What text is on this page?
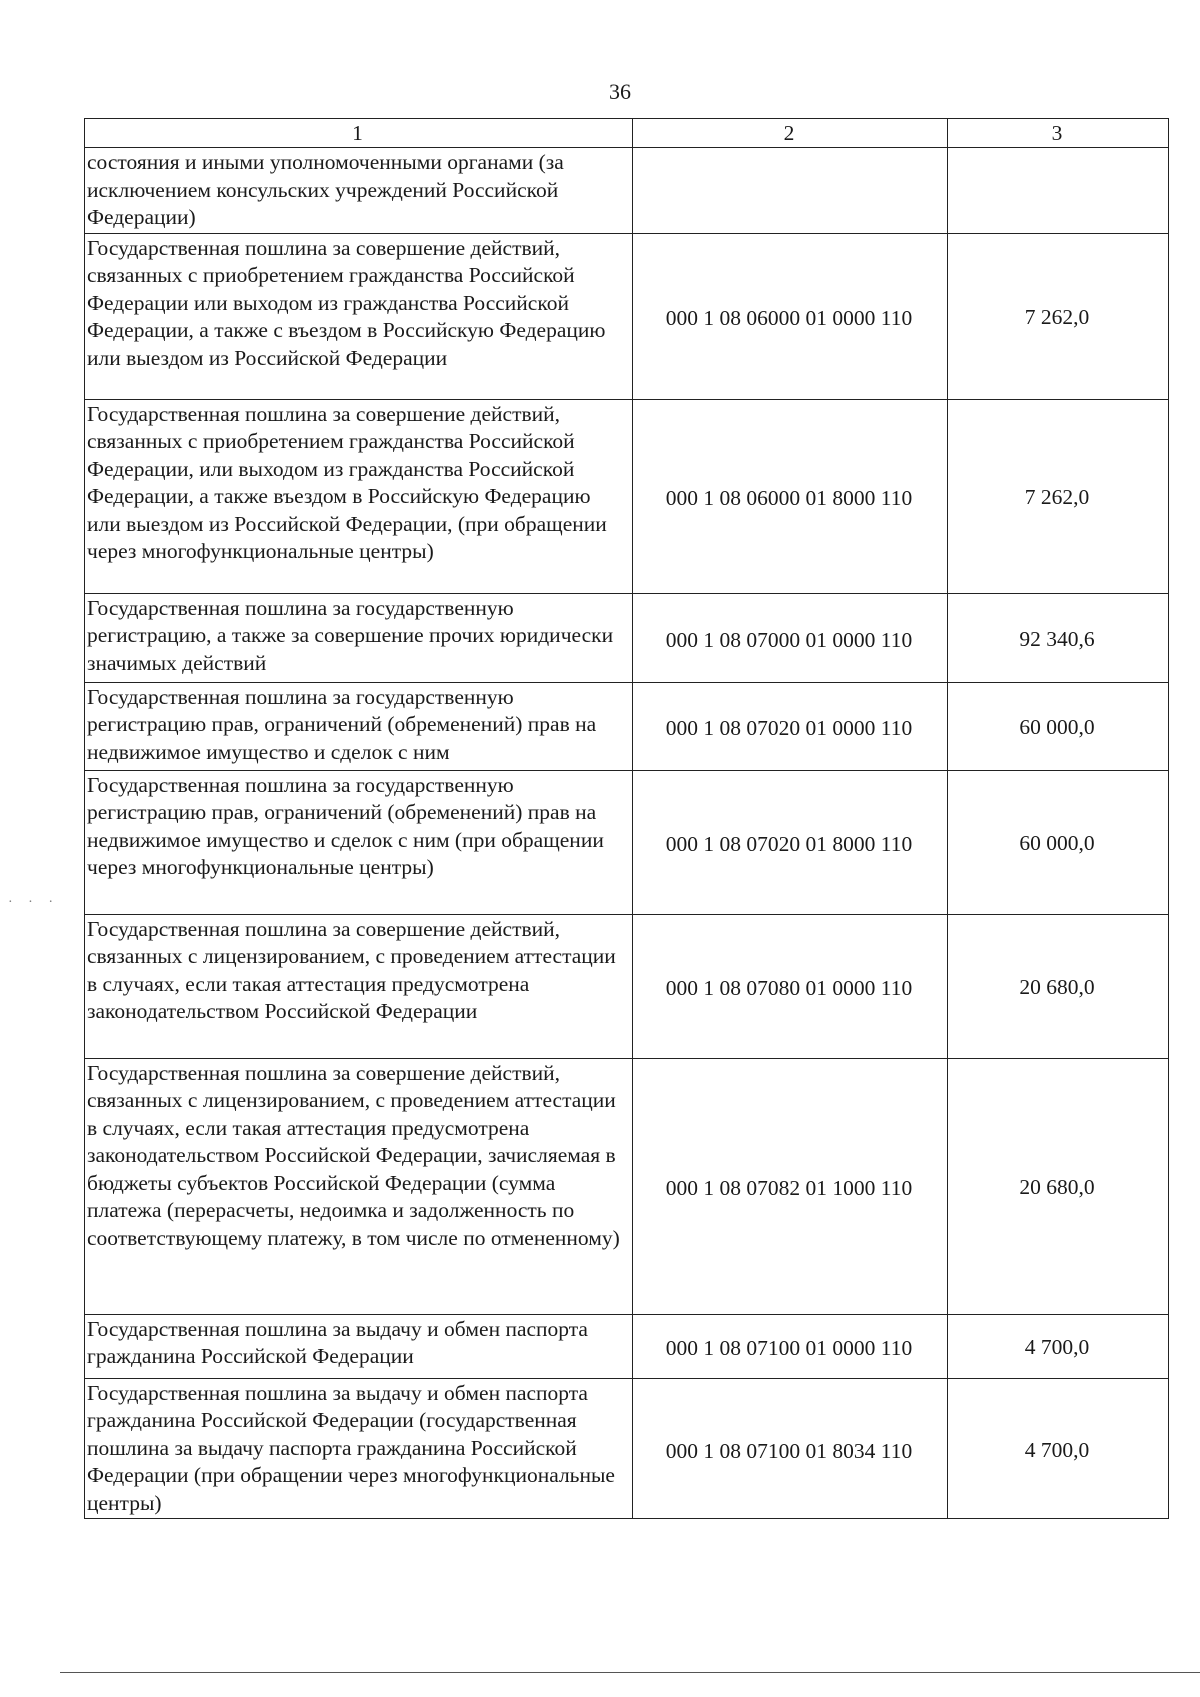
36
1	2	3
состояния и иными уполномоченными органами (за исключением консульских учреждений Российской Федерации)		
Государственная пошлина за совершение действий, связанных с приобретением гражданства Российской Федерации или выходом из гражданства Российской Федерации, а также с въездом в Российскую Федерацию или выездом из Российской Федерации	000 1 08 06000 01 0000 110	7 262,0
Государственная пошлина за совершение действий, связанных с приобретением гражданства Российской Федерации, или выходом из гражданства Российской Федерации, а также въездом в Российскую Федерацию или выездом из Российской Федерации, (при обращении через многофункциональные центры)	000 1 08 06000 01 8000 110	7 262,0
Государственная пошлина за государственную регистрацию, а также за совершение прочих юридически значимых действий	000 1 08 07000 01 0000 110	92 340,6
Государственная пошлина за государственную регистрацию прав, ограничений (обременений) прав на недвижимое имущество и сделок с ним	000 1 08 07020 01 0000 110	60 000,0
Государственная пошлина за государственную регистрацию прав, ограничений (обременений) прав на недвижимое имущество и сделок с ним (при обращении через многофункциональные центры)	000 1 08 07020 01 8000 110	60 000,0
Государственная пошлина за совершение действий, связанных с лицензированием, с проведением аттестации в случаях, если такая аттестация предусмотрена законодательством Российской Федерации	000 1 08 07080 01 0000 110	20 680,0
Государственная пошлина за совершение действий, связанных с лицензированием, с проведением аттестации в случаях, если такая аттестация предусмотрена законодательством Российской Федерации, зачисляемая в бюджеты субъектов Российской Федерации (сумма платежа (перерасчеты, недоимка и задолженность по соответствующему платежу, в том числе по отмененному)	000 1 08 07082 01 1000 110	20 680,0
Государственная пошлина за выдачу и обмен паспорта гражданина Российской Федерации	000 1 08 07100 01 0000 110	4 700,0
Государственная пошлина за выдачу и обмен паспорта гражданина Российской Федерации (государственная пошлина за выдачу паспорта гражданина Российской Федерации (при обращении через многофункциональные центры)	000 1 08 07100 01 8034 110	4 700,0
· · ·
